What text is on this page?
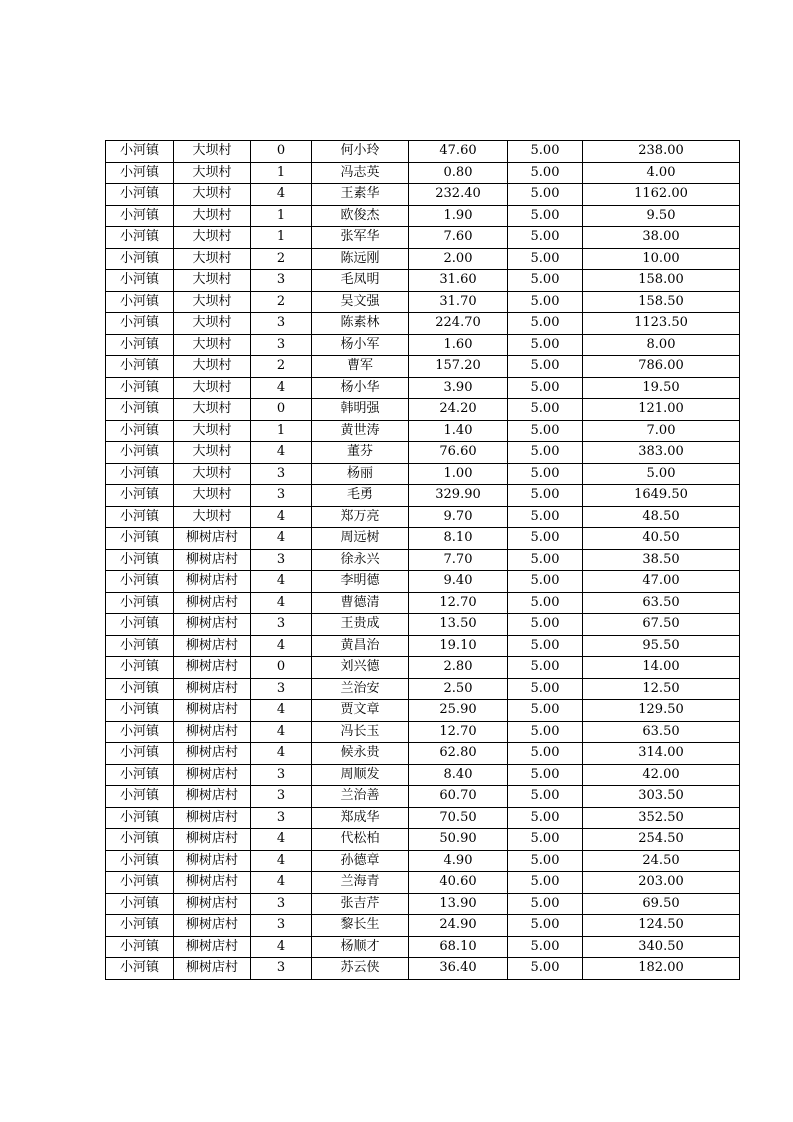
小河镇	大坝村	0	何小玲	47.60	5.00	238.00
小河镇	大坝村	1	冯志英	0.80	5.00	4.00
小河镇	大坝村	4	王素华	232.40	5.00	1162.00
小河镇	大坝村	1	欧俊杰	1.90	5.00	9.50
小河镇	大坝村	1	张军华	7.60	5.00	38.00
小河镇	大坝村	2	陈远刚	2.00	5.00	10.00
小河镇	大坝村	3	毛凤明	31.60	5.00	158.00
小河镇	大坝村	2	吴文强	31.70	5.00	158.50
小河镇	大坝村	3	陈素林	224.70	5.00	1123.50
小河镇	大坝村	3	杨小军	1.60	5.00	8.00
小河镇	大坝村	2	曹军	157.20	5.00	786.00
小河镇	大坝村	4	杨小华	3.90	5.00	19.50
小河镇	大坝村	0	韩明强	24.20	5.00	121.00
小河镇	大坝村	1	黄世涛	1.40	5.00	7.00
小河镇	大坝村	4	董芬	76.60	5.00	383.00
小河镇	大坝村	3	杨丽	1.00	5.00	5.00
小河镇	大坝村	3	毛勇	329.90	5.00	1649.50
小河镇	大坝村	4	郑万亮	9.70	5.00	48.50
小河镇	柳树店村	4	周远树	8.10	5.00	40.50
小河镇	柳树店村	3	徐永兴	7.70	5.00	38.50
小河镇	柳树店村	4	李明德	9.40	5.00	47.00
小河镇	柳树店村	4	曹德清	12.70	5.00	63.50
小河镇	柳树店村	3	王贵成	13.50	5.00	67.50
小河镇	柳树店村	4	黄昌治	19.10	5.00	95.50
小河镇	柳树店村	0	刘兴德	2.80	5.00	14.00
小河镇	柳树店村	3	兰治安	2.50	5.00	12.50
小河镇	柳树店村	4	贾文章	25.90	5.00	129.50
小河镇	柳树店村	4	冯长玉	12.70	5.00	63.50
小河镇	柳树店村	4	候永贵	62.80	5.00	314.00
小河镇	柳树店村	3	周顺发	8.40	5.00	42.00
小河镇	柳树店村	3	兰治善	60.70	5.00	303.50
小河镇	柳树店村	3	郑成华	70.50	5.00	352.50
小河镇	柳树店村	4	代松柏	50.90	5.00	254.50
小河镇	柳树店村	4	孙德章	4.90	5.00	24.50
小河镇	柳树店村	4	兰海青	40.60	5.00	203.00
小河镇	柳树店村	3	张吉芹	13.90	5.00	69.50
小河镇	柳树店村	3	黎长生	24.90	5.00	124.50
小河镇	柳树店村	4	杨顺才	68.10	5.00	340.50
小河镇	柳树店村	3	苏云侠	36.40	5.00	182.00
